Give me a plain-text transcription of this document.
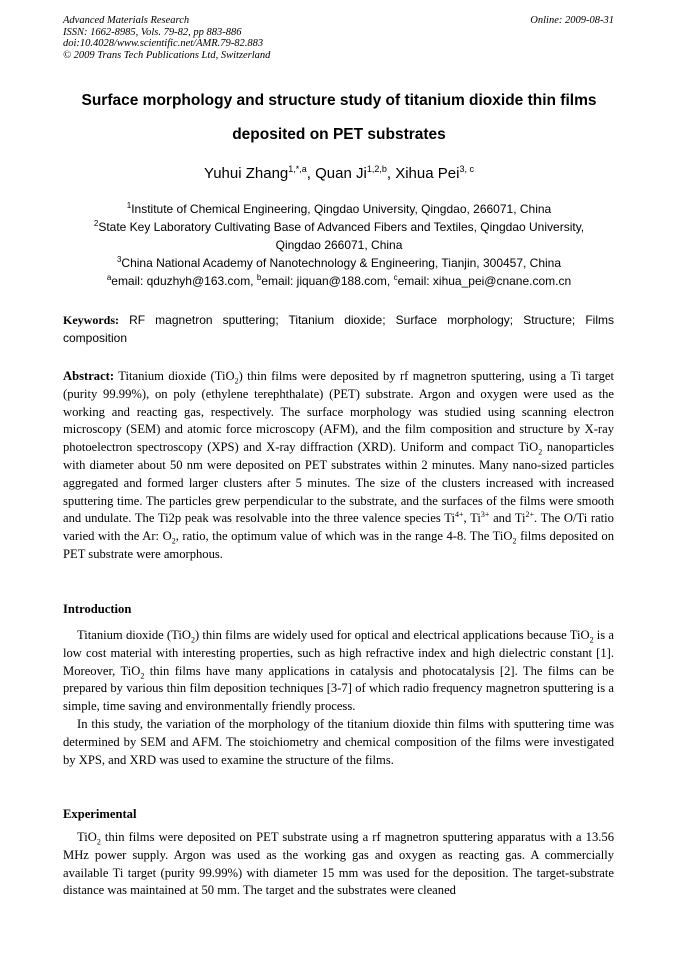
Advanced Materials Research
ISSN: 1662-8985, Vols. 79-82, pp 883-886
doi:10.4028/www.scientific.net/AMR.79-82.883
© 2009 Trans Tech Publications Ltd, Switzerland
Online: 2009-08-31
Surface morphology and structure study of titanium dioxide thin films
deposited on PET substrates
Yuhui Zhang$^{1,*,a}$, Quan Ji$^{1,2,b}$, Xihua Pei$^{3, c}$
$^1$Institute of Chemical Engineering, Qingdao University, Qingdao, 266071, China
$^2$State Key Laboratory Cultivating Base of Advanced Fibers and Textiles, Qingdao University,
Qingdao 266071, China
$^3$China National Academy of Nanotechnology & Engineering, Tianjin, 300457, China
$^a$email: qduzhyh@163.com, $^b$email: jiquan@188.com, $^c$email: xihua_pei@cnane.com.cn
Keywords: RF magnetron sputtering; Titanium dioxide; Surface morphology; Structure; Films composition
Abstract: Titanium dioxide (TiO$_2$) thin films were deposited by rf magnetron sputtering, using a Ti target (purity 99.99%), on poly (ethylene terephthalate) (PET) substrate. Argon and oxygen were used as the working and reacting gas, respectively. The surface morphology was studied using scanning electron microscopy (SEM) and atomic force microscopy (AFM), and the film composition and structure by X-ray photoelectron spectroscopy (XPS) and X-ray diffraction (XRD). Uniform and compact TiO$_2$ nanoparticles with diameter about 50 nm were deposited on PET substrates within 2 minutes. Many nano-sized particles aggregated and formed larger clusters after 5 minutes. The size of the clusters increased with increased sputtering time. The particles grew perpendicular to the substrate, and the surfaces of the films were smooth and undulate. The Ti2p peak was resolvable into the three valence species $Ti^{4+}$, $Ti^{3+}$ and $Ti^{2+}$. The O/Ti ratio varied with the Ar: $O_2$, ratio, the optimum value of which was in the range 4-8. The TiO$_2$ films deposited on PET substrate were amorphous.
Introduction

Titanium dioxide (TiO$_2$) thin films are widely used for optical and electrical applications because TiO$_2$ is a low cost material with interesting properties, such as high refractive index and high dielectric constant [1]. Moreover, TiO$_2$ thin films have many applications in catalysis and photocatalysis [2]. The films can be prepared by various thin film deposition techniques [3-7] of which radio frequency magnetron sputtering is a simple, time saving and environmentally friendly process.

In this study, the variation of the morphology of the titanium dioxide thin films with sputtering time was determined by SEM and AFM. The stoichiometry and chemical composition of the films were investigated by XPS, and XRD was used to examine the structure of the films.

Experimental

TiO$_2$ thin films were deposited on PET substrate using a rf magnetron sputtering apparatus with a 13.56 MHz power supply. Argon was used as the working gas and oxygen as reacting gas. A commercially available Ti target (purity 99.99%) with diameter 15 mm was used for the deposition. The target-substrate distance was maintained at 50 mm. The target and the substrates were cleaned
